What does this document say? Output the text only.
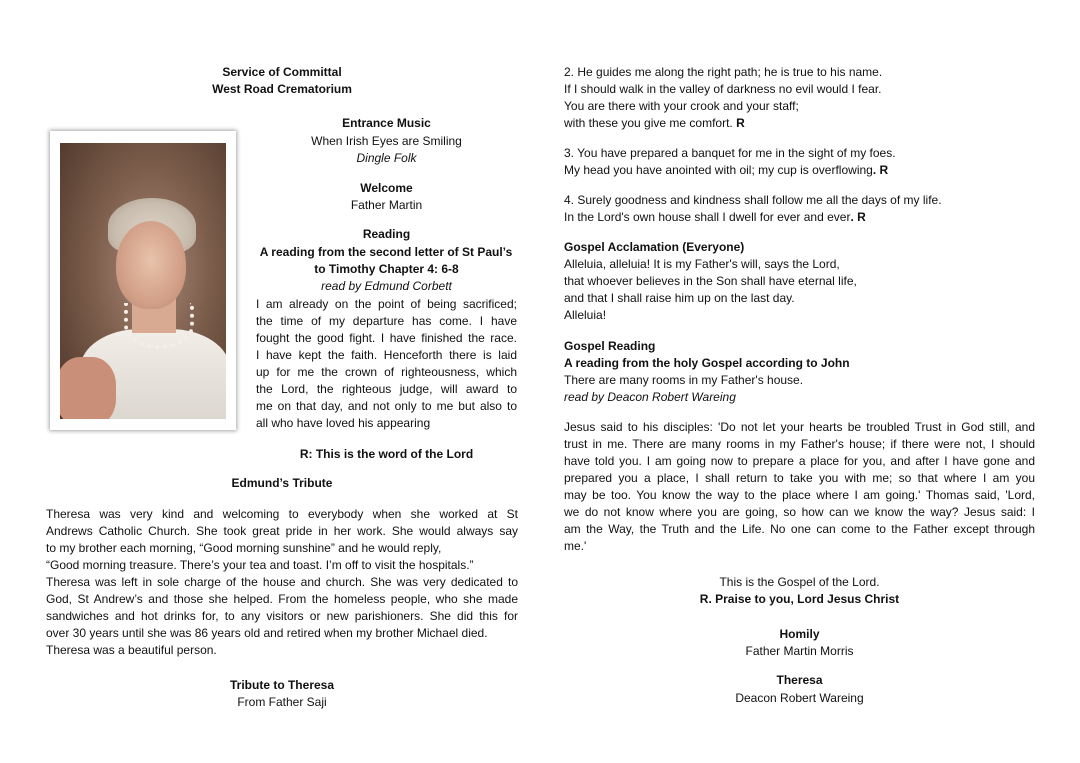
Service of Committal
West Road Crematorium
Entrance Music
When Irish Eyes are Smiling
Dingle Folk
Welcome
Father Martin
Reading
A reading from the second letter of St Paul’s
to Timothy Chapter 4: 6-8
read by Edmund Corbett

I am already on the point of being sacrificed;

the time of my departure has come. I have

fought the good fight. I have finished the race.

I have kept the faith. Henceforth there is laid

up for me the crown of righteousness, which

the Lord, the righteous judge, will award to

me on that day, and not only to me but also to

all who have loved his appearing

R: This is the word of the Lord
Edmund’s Tribute

Theresa was very kind and welcoming to everybody when she worked at St

Andrews Catholic Church. She took great pride in her work. She would always say

to my brother each morning, “Good morning sunshine” and he would reply,

“Good morning treasure. There’s your tea and toast. I’m off to visit the hospitals.”

Theresa was left in sole charge of the house and church. She was very dedicated to

God, St Andrew’s and those she helped. From the homeless people, who she made

sandwiches and hot drinks for, to any visitors or new parishioners. She did this for

over 30 years until she was 86 years old and retired when my brother Michael died.

Theresa was a beautiful person.

Tribute to Theresa
From Father Saji

2. He guides me along the right path; he is true to his name.

If I should walk in the valley of darkness no evil would I fear.

You are there with your crook and your staff;

with these you give me comfort. R

3. You have prepared a banquet for me in the sight of my foes.

My head you have anointed with oil; my cup is overflowing. R

4. Surely goodness and kindness shall follow me all the days of my life.

In the Lord's own house shall I dwell for ever and ever. R

Gospel Acclamation (Everyone)

Alleluia, alleluia! It is my Father's will, says the Lord,

that whoever believes in the Son shall have eternal life,

and that I shall raise him up on the last day.

Alleluia!

Gospel Reading
A reading from the holy Gospel according to John
There are many rooms in my Father's house.
read by Deacon Robert Wareing

Jesus said to his disciples: 'Do not let your hearts be troubled Trust in God still, and

trust in me. There are many rooms in my Father's house; if there were not, I should

have told you. I am going now to prepare a place for you, and after I have gone and

prepared you a place, I shall return to take you with me; so that where I am you

may be too. You know the way to the place where I am going.' Thomas said, 'Lord,

we do not know where you are going, so how can we know the way? Jesus said: I

am the Way, the Truth and the Life. No one can come to the Father except through

me.'

This is the Gospel of the Lord.
R. Praise to you, Lord Jesus Christ
Homily
Father Martin Morris
Theresa
Deacon Robert Wareing
